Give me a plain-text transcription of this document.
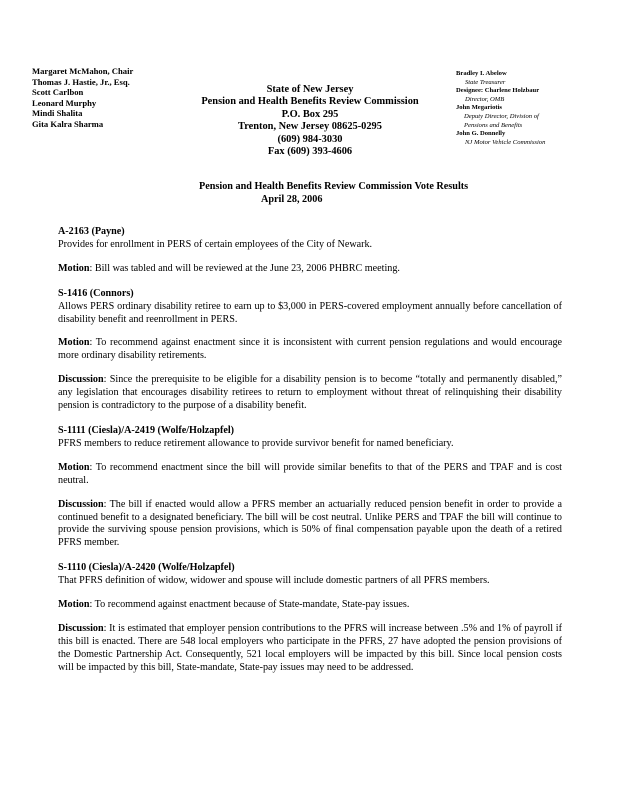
Margaret McMahon, Chair
Thomas J. Hastie, Jr., Esq.
Scott Carlbon
Leonard Murphy
Mindi Shalita
Gita Kalra Sharma
State of New Jersey
Pension and Health Benefits Review Commission
P.O. Box 295
Trenton, New Jersey 08625-0295
(609) 984-3030
Fax (609) 393-4606
Bradley I. Abelow
State Treasurer
Designee: Charlene Holzbaur
Director, OMB
John Megariotis
Deputy Director, Division of
Pensions and Benefits
John G. Donnelly
NJ Motor Vehicle Commission
Pension and Health Benefits Review Commission Vote Results
April 28, 2006

A-2163 (Payne)

Provides for enrollment in PERS of certain employees of the City of Newark.

Motion: Bill was tabled and will be reviewed at the June 23, 2006 PHBRC meeting.

S-1416 (Connors)

Allows PERS ordinary disability retiree to earn up to $3,000 in PERS-covered employment annually before cancellation of disability benefit and reenrollment in PERS.

Motion: To recommend against enactment since it is inconsistent with current pension regulations and would encourage more ordinary disability retirements.

Discussion: Since the prerequisite to be eligible for a disability pension is to become “totally and permanently disabled,” any legislation that encourages disability retirees to return to employment without threat of relinquishing their disability pension is contradictory to the purpose of a disability benefit.

S-1111 (Ciesla)/A-2419 (Wolfe/Holzapfel)

PFRS members to reduce retirement allowance to provide survivor benefit for named beneficiary.

Motion: To recommend enactment since the bill will provide similar benefits to that of the PERS and TPAF and is cost neutral.

Discussion: The bill if enacted would allow a PFRS member an actuarially reduced pension benefit in order to provide a continued benefit to a designated beneficiary. The bill will be cost neutral. Unlike PERS and TPAF the bill will continue to provide the surviving spouse pension provisions, which is 50% of final compensation payable upon the death of a retired PFRS member.

S-1110 (Ciesla)/A-2420 (Wolfe/Holzapfel)

That PFRS definition of widow, widower and spouse will include domestic partners of all PFRS members.

Motion: To recommend against enactment because of State-mandate, State-pay issues.

Discussion: It is estimated that employer pension contributions to the PFRS will increase between .5% and 1% of payroll if this bill is enacted. There are 548 local employers who participate in the PFRS, 27 have adopted the pension provisions of the Domestic Partnership Act. Consequently, 521 local employers will be impacted by this bill. Since local pension costs will be impacted by this bill, State-mandate, State-pay issues may need to be addressed.
